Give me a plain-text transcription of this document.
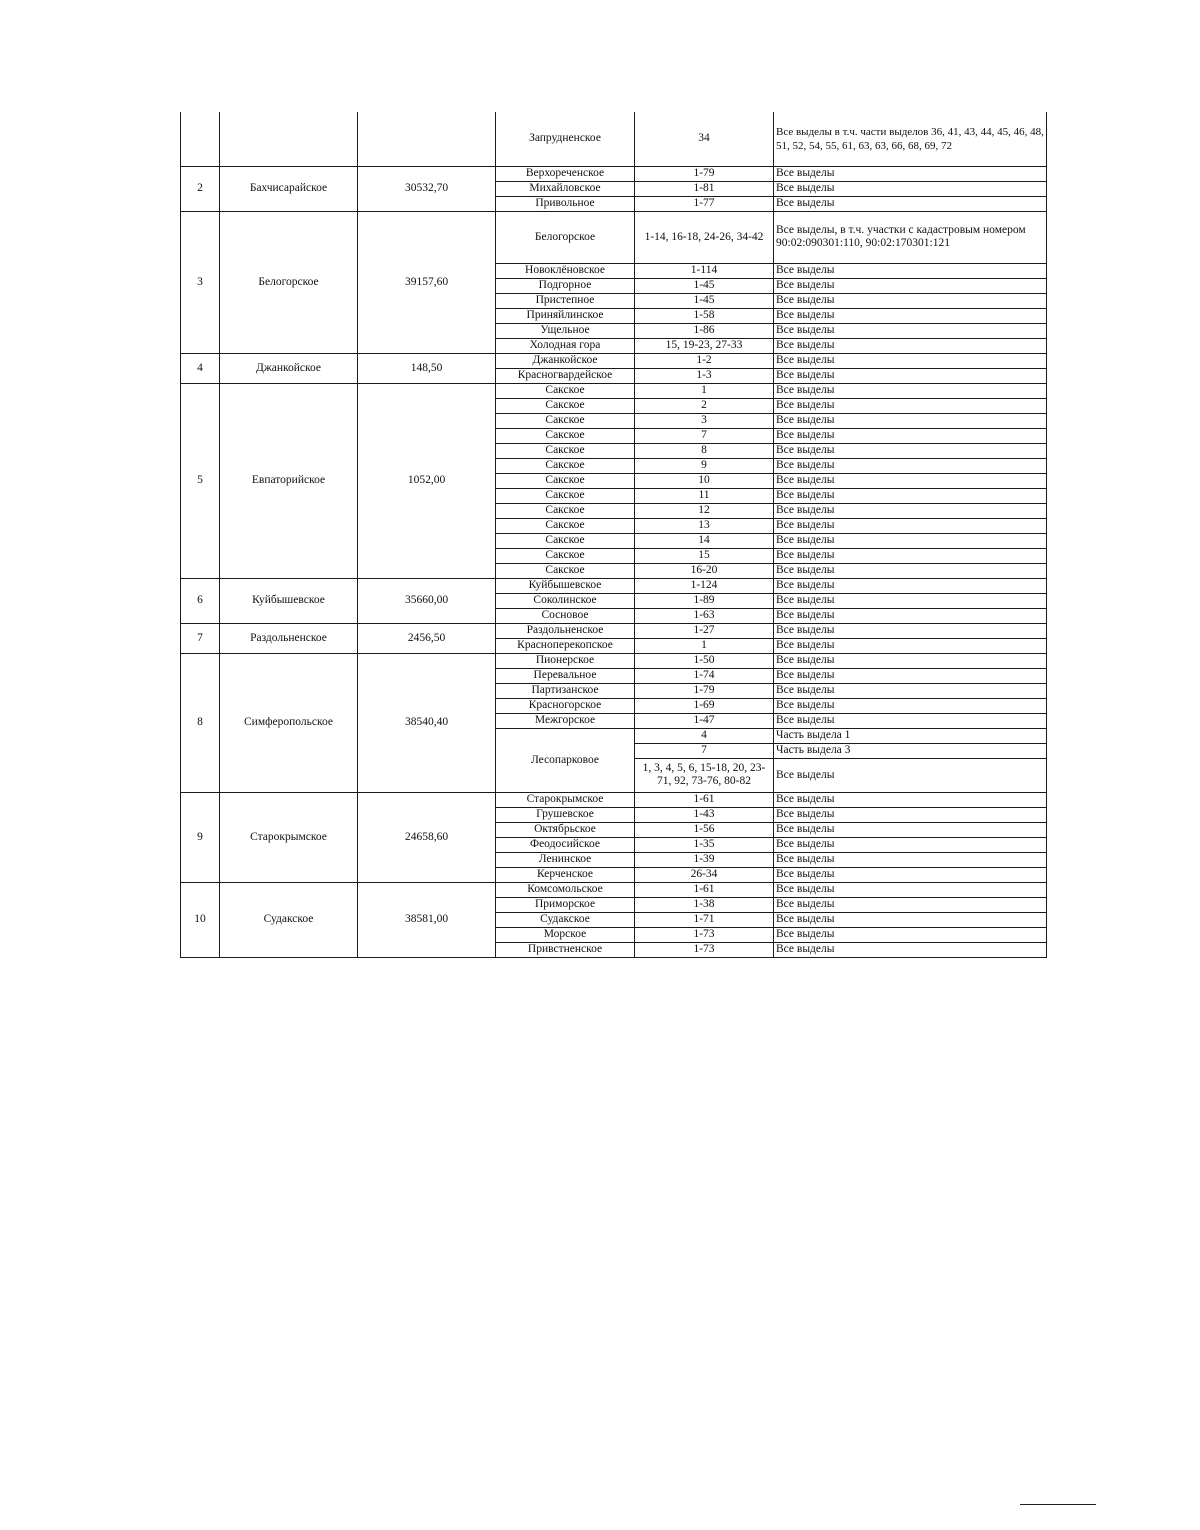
			Запрудненское	34	Все выделы в т.ч. части выделов 36, 41, 43, 44, 45, 46, 48, 51, 52, 54, 55, 61, 63, 63, 66, 68, 69, 72
2	Бахчисарайское	30532,70	Верхореченское	1-79	Все выделы
			Михайловское	1-81	Все выделы
			Привольное	1-77	Все выделы
3	Белогорское	39157,60	Белогорское	1-14, 16-18, 24-26, 34-42	Все выделы, в т.ч. участки с кадастровым номером 90:02:090301:110, 90:02:170301:121
			Новоклёновское	1-114	Все выделы
			Подгорное	1-45	Все выделы
			Пристепное	1-45	Все выделы
			Приняйлинское	1-58	Все выделы
			Ущельное	1-86	Все выделы
			Холодная гора	15, 19-23, 27-33	Все выделы
4	Джанкойское	148,50	Джанкойское	1-2	Все выделы
			Красногвардейское	1-3	Все выделы
5	Евпаторийское	1052,00	Сакское	1	Все выделы
			Сакское	2	Все выделы
			Сакское	3	Все выделы
			Сакское	7	Все выделы
			Сакское	8	Все выделы
			Сакское	9	Все выделы
			Сакское	10	Все выделы
			Сакское	11	Все выделы
			Сакское	12	Все выделы
			Сакское	13	Все выделы
			Сакское	14	Все выделы
			Сакское	15	Все выделы
			Сакское	16-20	Все выделы
6	Куйбышевское	35660,00	Куйбышевское	1-124	Все выделы
			Соколинское	1-89	Все выделы
			Сосновое	1-63	Все выделы
7	Раздольненское	2456,50	Раздольненское	1-27	Все выделы
			Красноперекопское	1	Все выделы
8	Симферопольское	38540,40	Пионерское	1-50	Все выделы
			Перевальное	1-74	Все выделы
			Партизанское	1-79	Все выделы
			Красногорское	1-69	Все выделы
			Межгорское	1-47	Все выделы
			Лесопарковое	4	Часть выдела 1
				7	Часть выдела 3
				1, 3, 4, 5, 6, 15-18, 20, 23-71, 92, 73-76, 80-82	Все выделы
9	Старокрымское	24658,60	Старокрымское	1-61	Все выделы
			Грушевское	1-43	Все выделы
			Октябрьское	1-56	Все выделы
			Феодосийское	1-35	Все выделы
			Ленинское	1-39	Все выделы
			Керченское	26-34	Все выделы
10	Судакское	38581,00	Комсомольское	1-61	Все выделы
			Приморское	1-38	Все выделы
			Судакское	1-71	Все выделы
			Морское	1-73	Все выделы
			Привстненское	1-73	Все выделы
